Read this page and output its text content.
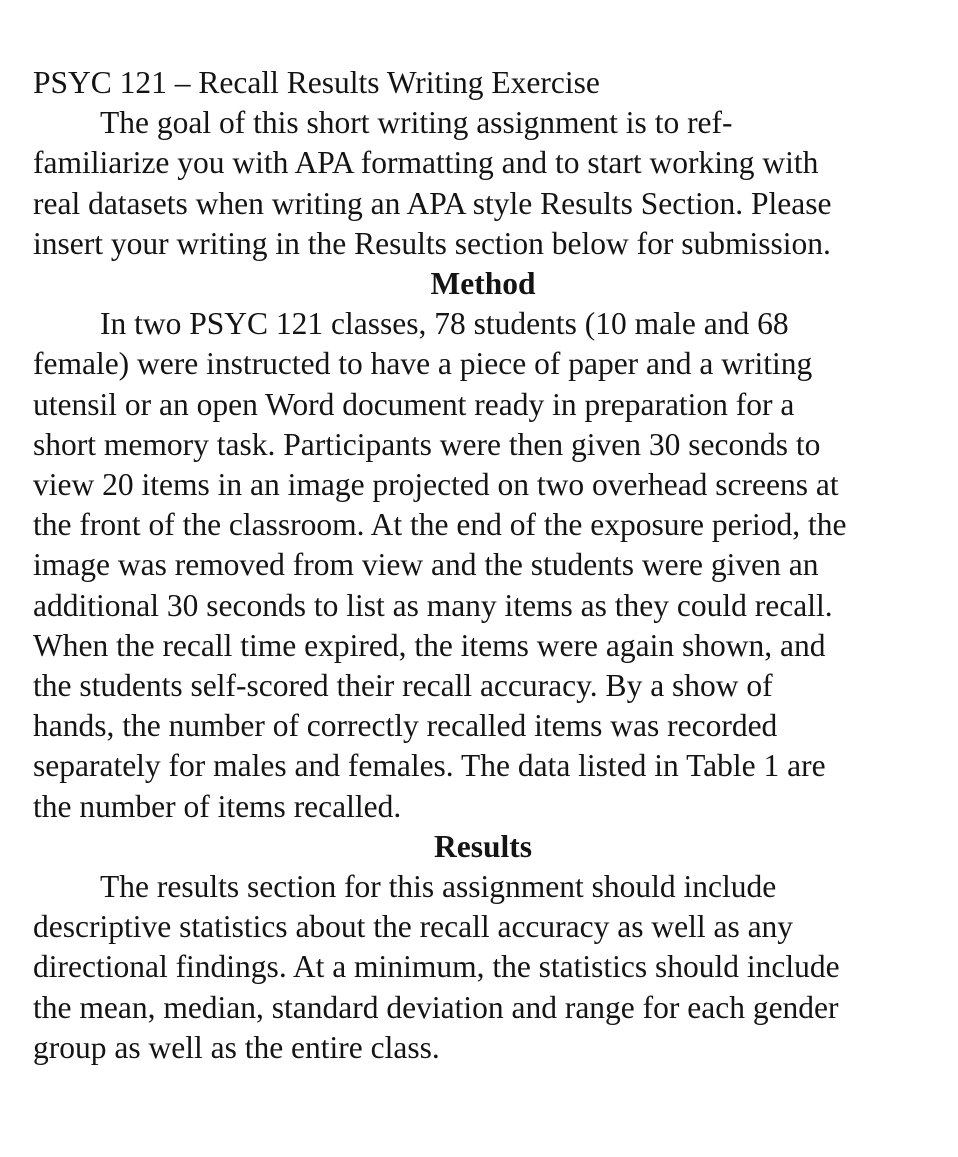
PSYC 121 – Recall Results Writing Exercise

The goal of this short writing assignment is to ref-
familiarize you with APA formatting and to start working with
real datasets when writing an APA style Results Section. Please
insert your writing in the Results section below for submission.

Method

In two PSYC 121 classes, 78 students (10 male and 68
female) were instructed to have a piece of paper and a writing
utensil or an open Word document ready in preparation for a
short memory task. Participants were then given 30 seconds to
view 20 items in an image projected on two overhead screens at
the front of the classroom. At the end of the exposure period, the
image was removed from view and the students were given an
additional 30 seconds to list as many items as they could recall.
When the recall time expired, the items were again shown, and
the students self-scored their recall accuracy. By a show of
hands, the number of correctly recalled items was recorded
separately for males and females. The data listed in Table 1 are
the number of items recalled.

Results

The results section for this assignment should include
descriptive statistics about the recall accuracy as well as any
directional findings. At a minimum, the statistics should include
the mean, median, standard deviation and range for each gender
group as well as the entire class.
